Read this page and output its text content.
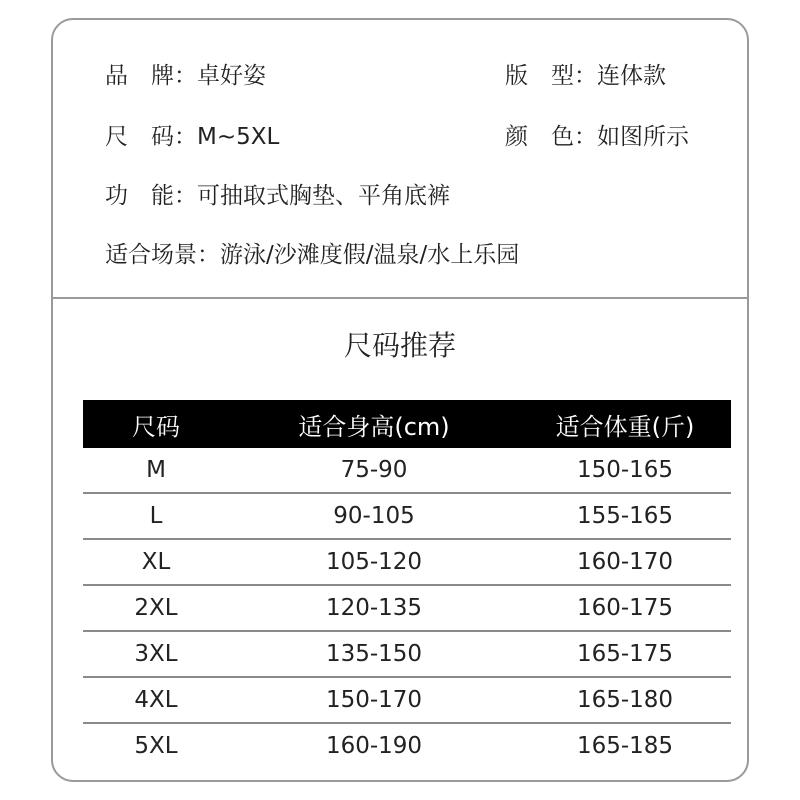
品　牌：卓好姿	版　型：连体款
尺　码：M~5XL	颜　色：如图所示
功　能：可抽取式胸垫、平角底裤
适合场景：游泳/沙滩度假/温泉/水上乐园
尺码推荐
尺码	适合身高(cm)	适合体重(斤)
M	75-90	150-165
L	90-105	155-165
XL	105-120	160-170
2XL	120-135	160-175
3XL	135-150	165-175
4XL	150-170	165-180
5XL	160-190	165-185
